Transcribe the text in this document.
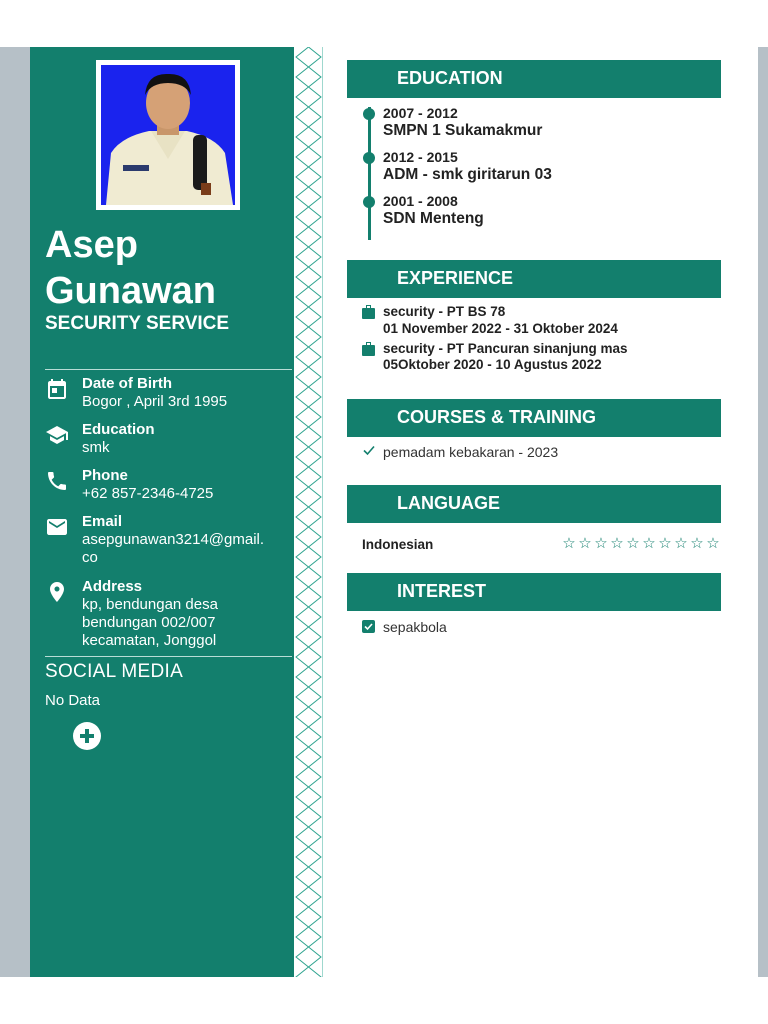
Asep
Gunawan
SECURITY SERVICE
Date of Birth
Bogor , April 3rd 1995
Education
smk
Phone
+62 857-2346-4725
Email
asepgunawan3214@gmail.
co
Address
kp, bendungan desa
bendungan 002/007
kecamatan, Jonggol
SOCIAL MEDIA
No Data
EDUCATION
2007 - 2012
SMPN 1 Sukamakmur
2012 - 2015
ADM - smk giritarun 03
2001 - 2008
SDN Menteng
EXPERIENCE
security - PT BS 78
01 November 2022 - 31 Oktober 2024
security - PT Pancuran sinanjung mas
05Oktober 2020 - 10 Agustus 2022
COURSES & TRAINING
pemadam kebakaran - 2023
LANGUAGE
Indonesian	☆ ☆ ☆ ☆ ☆ ☆ ☆ ☆ ☆ ☆
INTEREST
sepakbola
